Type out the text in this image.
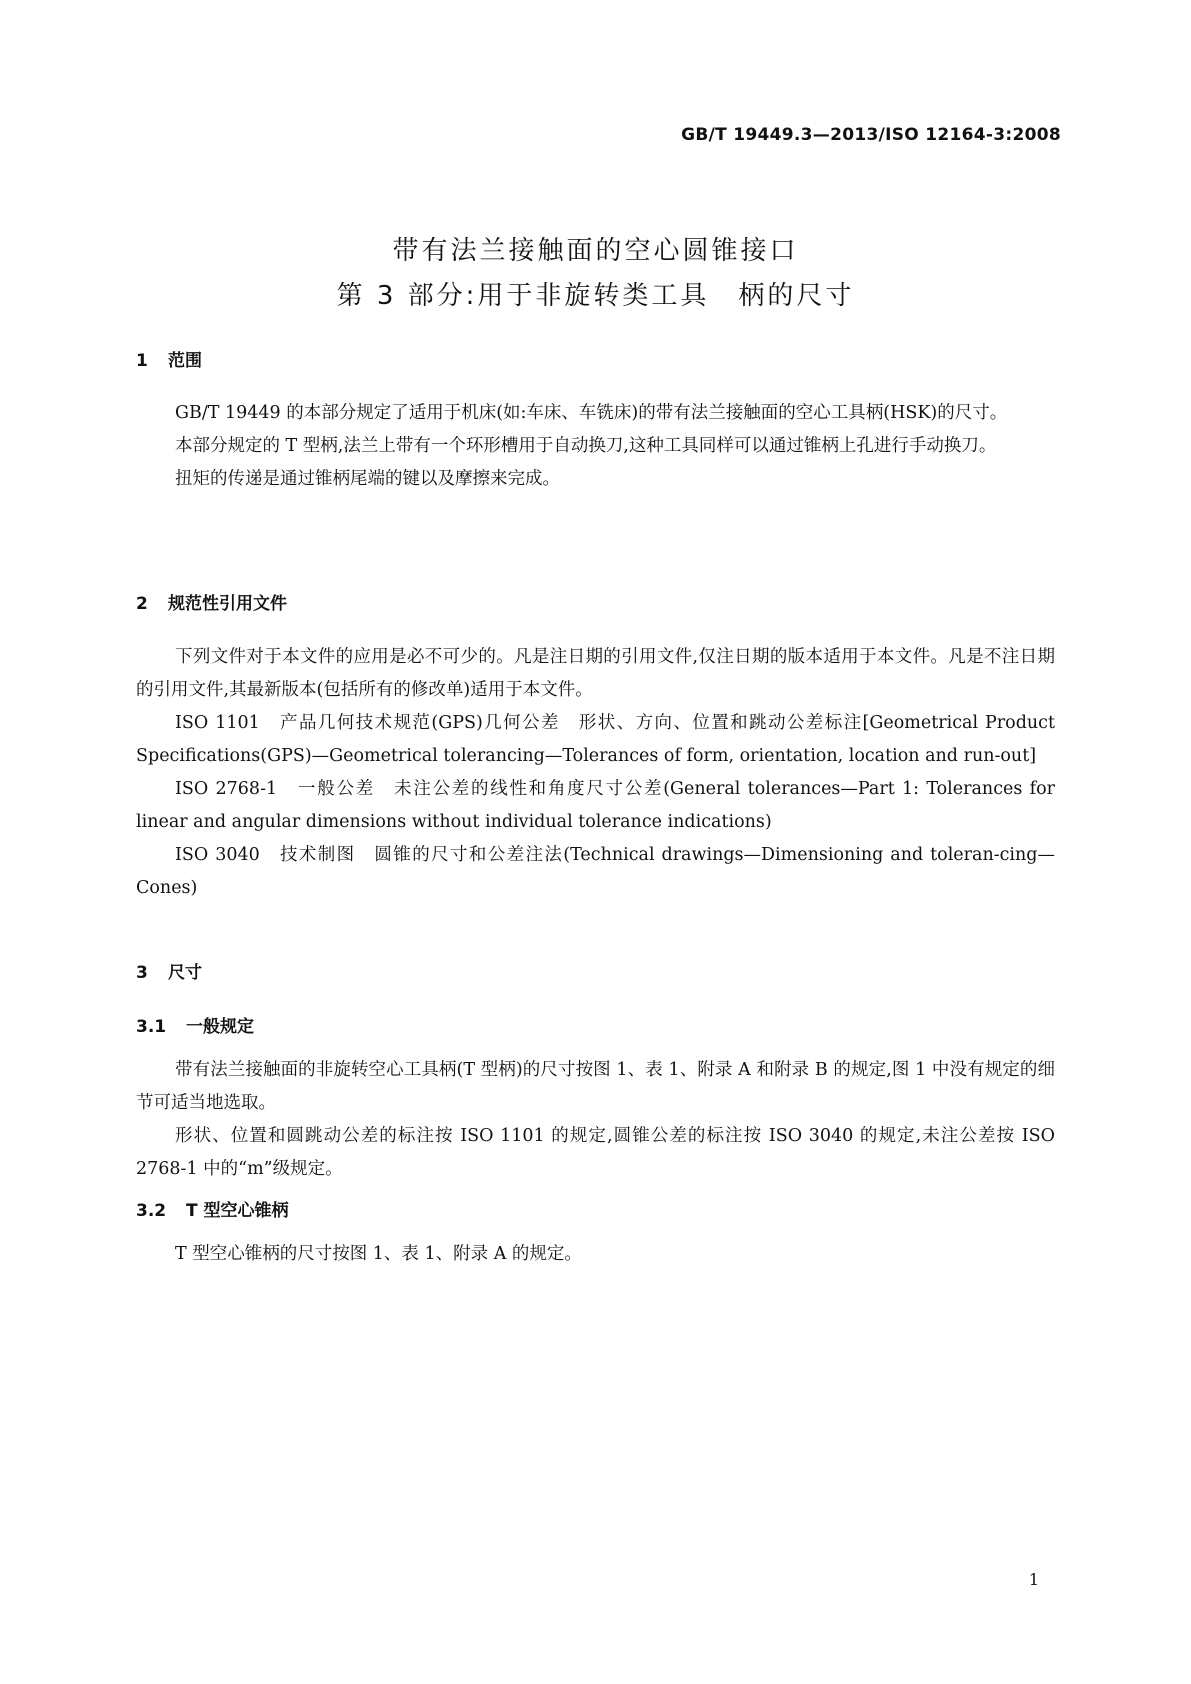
GB/T 19449.3—2013/ISO 12164-3:2008
带有法兰接触面的空心圆锥接口
第 3 部分:用于非旋转类工具　柄的尺寸
1 范围

GB/T 19449 的本部分规定了适用于机床(如:车床、车铣床)的带有法兰接触面的空心工具柄(HSK)的尺寸。

本部分规定的 T 型柄,法兰上带有一个环形槽用于自动换刀,这种工具同样可以通过锥柄上孔进行手动换刀。

扭矩的传递是通过锥柄尾端的键以及摩擦来完成。

2 规范性引用文件

下列文件对于本文件的应用是必不可少的。凡是注日期的引用文件,仅注日期的版本适用于本文件。凡是不注日期的引用文件,其最新版本(包括所有的修改单)适用于本文件。

ISO 1101　产品几何技术规范(GPS)几何公差　形状、方向、位置和跳动公差标注[Geometrical Product Specifications(GPS)—Geometrical tolerancing—Tolerances of form, orientation, location and run-out]

ISO 2768-1　一般公差　未注公差的线性和角度尺寸公差(General tolerances—Part 1: Tolerances for linear and angular dimensions without individual tolerance indications)

ISO 3040　技术制图　圆锥的尺寸和公差注法(Technical drawings—Dimensioning and toleran-cing—Cones)

3 尺寸
3.1 一般规定

带有法兰接触面的非旋转空心工具柄(T 型柄)的尺寸按图 1、表 1、附录 A 和附录 B 的规定,图 1 中没有规定的细节可适当地选取。

形状、位置和圆跳动公差的标注按 ISO 1101 的规定,圆锥公差的标注按 ISO 3040 的规定,未注公差按 ISO 2768-1 中的“m”级规定。

3.2 T 型空心锥柄

T 型空心锥柄的尺寸按图 1、表 1、附录 A 的规定。

1
